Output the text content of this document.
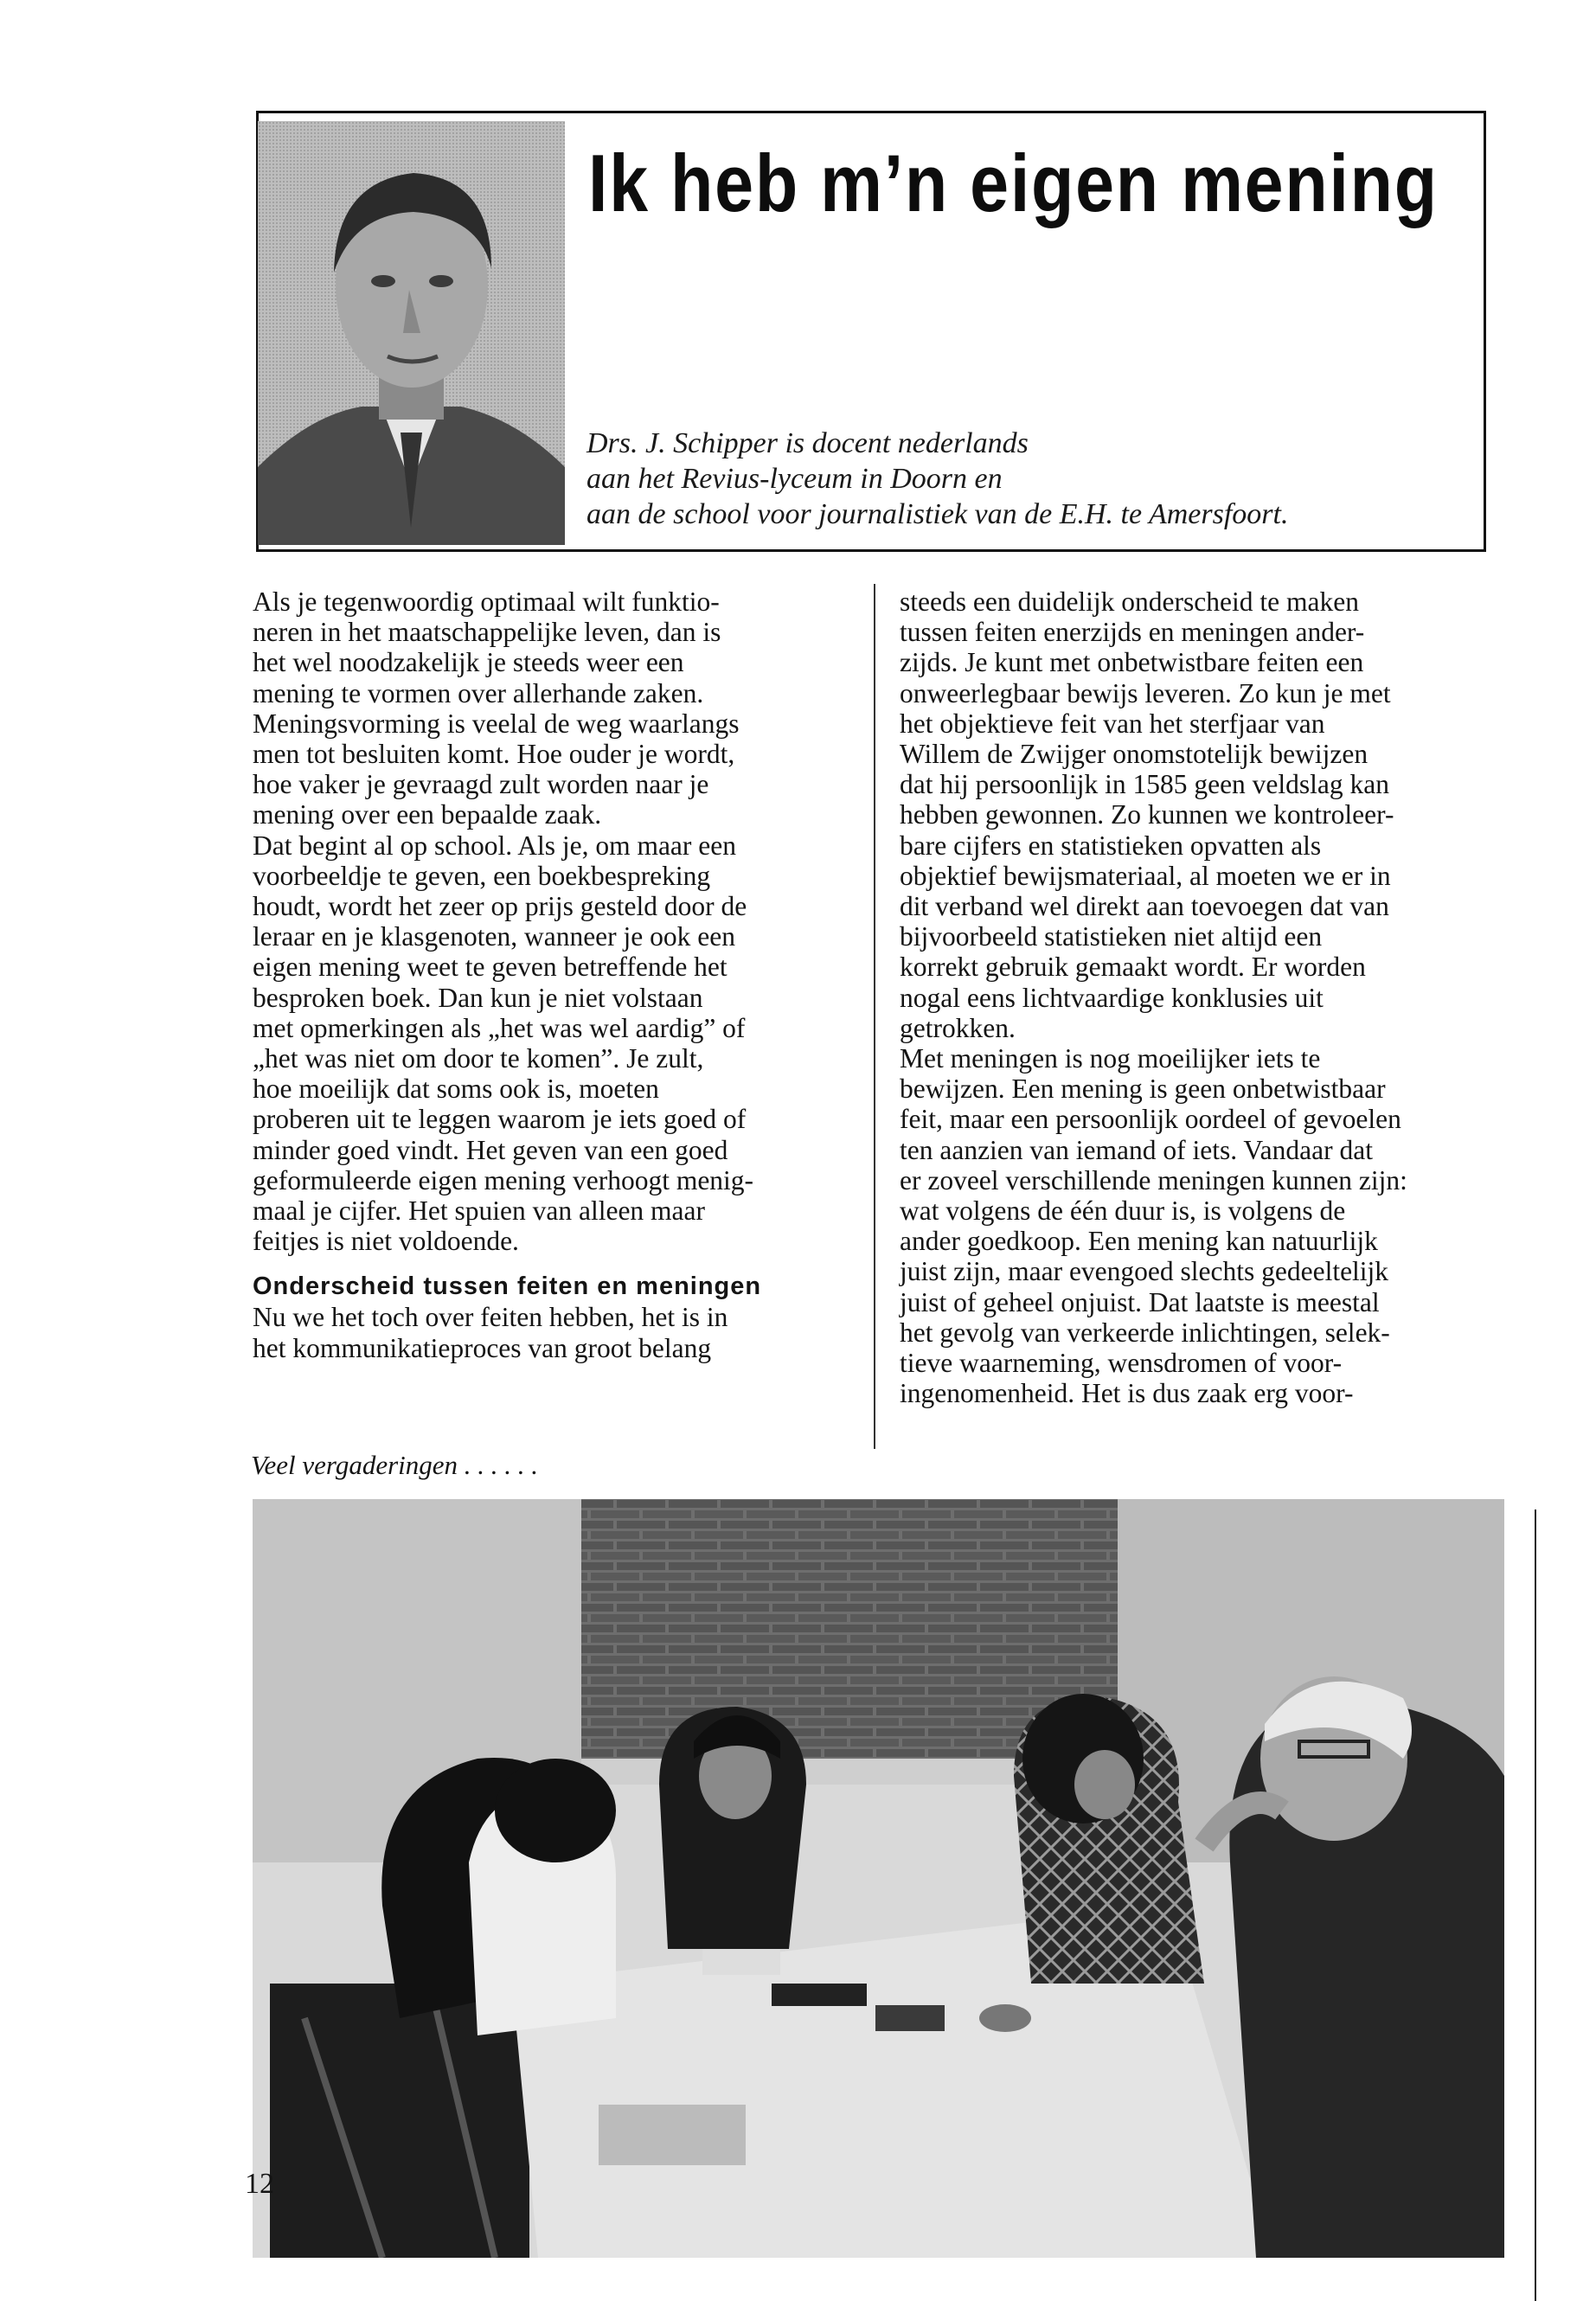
Ik heb m’n eigen mening
Drs. J. Schipper is docent nederlands
aan het Revius-lyceum in Doorn en
aan de school voor journalistiek van de E.H. te Amersfoort.
Als je tegenwoordig optimaal wilt funktio-
neren in het maatschappelijke leven, dan is
het wel noodzakelijk je steeds weer een
mening te vormen over allerhande zaken.
Meningsvorming is veelal de weg waarlangs
men tot besluiten komt. Hoe ouder je wordt,
hoe vaker je gevraagd zult worden naar je
mening over een bepaalde zaak.
Dat begint al op school. Als je, om maar een
voorbeeldje te geven, een boekbespreking
houdt, wordt het zeer op prijs gesteld door de
leraar en je klasgenoten, wanneer je ook een
eigen mening weet te geven betreffende het
besproken boek. Dan kun je niet volstaan
met opmerkingen als „het was wel aardig” of
„het was niet om door te komen”. Je zult,
hoe moeilijk dat soms ook is, moeten
proberen uit te leggen waarom je iets goed of
minder goed vindt. Het geven van een goed
geformuleerde eigen mening verhoogt menig-
maal je cijfer. Het spuien van alleen maar
feitjes is niet voldoende.
Onderscheid tussen feiten en meningen
Nu we het toch over feiten hebben, het is in
het kommunikatieproces van groot belang
steeds een duidelijk onderscheid te maken
tussen feiten enerzijds en meningen ander-
zijds. Je kunt met onbetwistbare feiten een
onweerlegbaar bewijs leveren. Zo kun je met
het objektieve feit van het sterfjaar van
Willem de Zwijger onomstotelijk bewijzen
dat hij persoonlijk in 1585 geen veldslag kan
hebben gewonnen. Zo kunnen we kontroleer-
bare cijfers en statistieken opvatten als
objektief bewijsmateriaal, al moeten we er in
dit verband wel direkt aan toevoegen dat van
bijvoorbeeld statistieken niet altijd een
korrekt gebruik gemaakt wordt. Er worden
nogal eens lichtvaardige konklusies uit
getrokken.
Met meningen is nog moeilijker iets te
bewijzen. Een mening is geen onbetwistbaar
feit, maar een persoonlijk oordeel of gevoelen
ten aanzien van iemand of iets. Vandaar dat
er zoveel verschillende meningen kunnen zijn:
wat volgens de één duur is, is volgens de
ander goedkoop. Een mening kan natuurlijk
juist zijn, maar evengoed slechts gedeeltelijk
juist of geheel onjuist. Dat laatste is meestal
het gevolg van verkeerde inlichtingen, selek-
tieve waarneming, wensdromen of voor-
ingenomenheid. Het is dus zaak erg voor-
Veel vergaderingen . . . . . .
12
